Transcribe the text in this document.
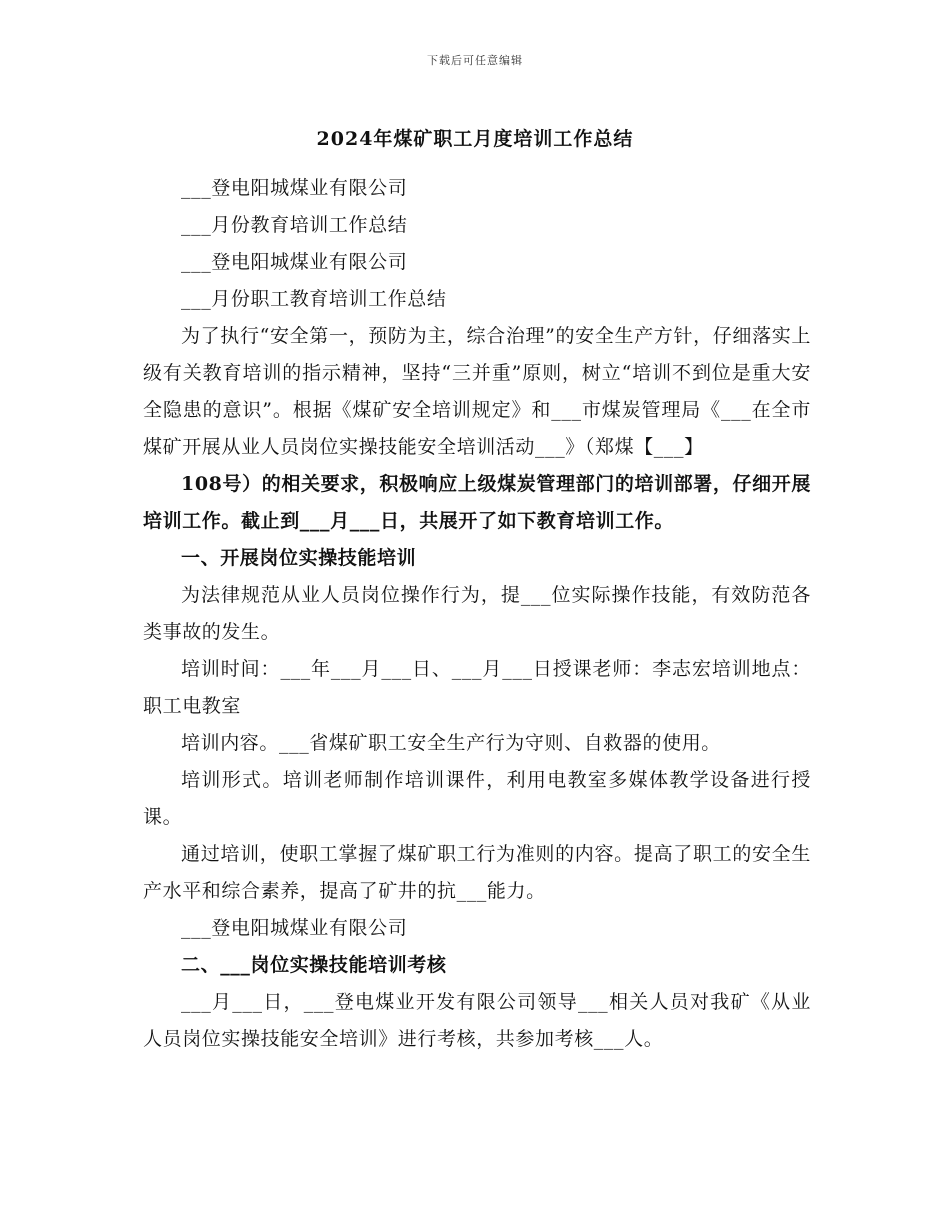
下载后可任意编辑
2024年煤矿职工月度培训工作总结

___登电阳城煤业有限公司

___月份教育培训工作总结

___登电阳城煤业有限公司

___月份职工教育培训工作总结

为了执行“安全第一，预防为主，综合治理”的安全生产方针，仔细落实上级有关教育培训的指示精神，坚持“三并重”原则，树立“培训不到位是重大安全隐患的意识”。根据《煤矿安全培训规定》和___市煤炭管理局《___在全市煤矿开展从业人员岗位实操技能安全培训活动___》（郑煤【___】

108号）的相关要求，积极响应上级煤炭管理部门的培训部署，仔细开展培训工作。截止到___月___日，共展开了如下教育培训工作。

一、开展岗位实操技能培训

为法律规范从业人员岗位操作行为，提___位实际操作技能，有效防范各类事故的发生。

培训时间：___年___月___日、___月___日授课老师：李志宏培训地点：职工电教室

培训内容。___省煤矿职工安全生产行为守则、自救器的使用。

培训形式。培训老师制作培训课件，利用电教室多媒体教学设备进行授课。

通过培训，使职工掌握了煤矿职工行为准则的内容。提高了职工的安全生产水平和综合素养，提高了矿井的抗___能力。

___登电阳城煤业有限公司

二、___岗位实操技能培训考核

___月___日，___登电煤业开发有限公司领导___相关人员对我矿《从业人员岗位实操技能安全培训》进行考核，共参加考核___人。
